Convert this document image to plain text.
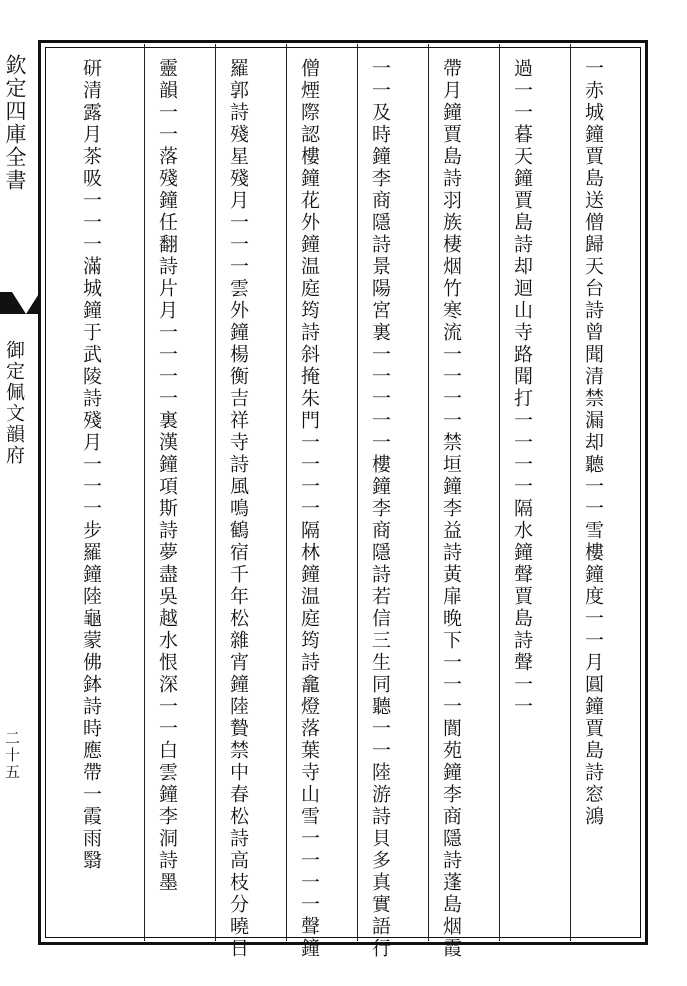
欽定四庫全書
御定佩文韻府
二十五	一赤城鐘賈島送僧歸天台詩曾聞清禁漏却聽一一雪樓鐘度一一月圓鐘賈島詩窓鴻
過一一暮天鐘賈島詩却迴山寺路聞打一一一一隔水鐘聲賈島詩聲一一
帶月鐘賈島詩羽族棲烟竹寒流一一一一禁垣鐘李益詩黃扉晚下一一一閬苑鐘李商隱詩蓬島烟霞
一一及時鐘李商隱詩景陽宮裏一一一一一樓鐘李商隱詩若信三生同聽一一陸游詩貝多真實語行
僧煙際認樓鐘花外鐘温庭筠詩斜掩朱門一一一一隔林鐘温庭筠詩龕燈落葉寺山雪一一一一聲鐘
羅郭詩殘星殘月一一一雲外鐘楊衡吉祥寺詩風鳴鶴宿千年松雜宵鐘陸贄禁中春松詩高枝分曉日
靈韻一一落殘鐘任翻詩片月一一一一裏漢鐘項斯詩夢盡吳越水恨深一一白雲鐘李洞詩墨
研清露月茶吸一一一滿城鐘于武陵詩殘月一一一步羅鐘陸龜蒙佛鉢詩時應帶一霞雨翳
